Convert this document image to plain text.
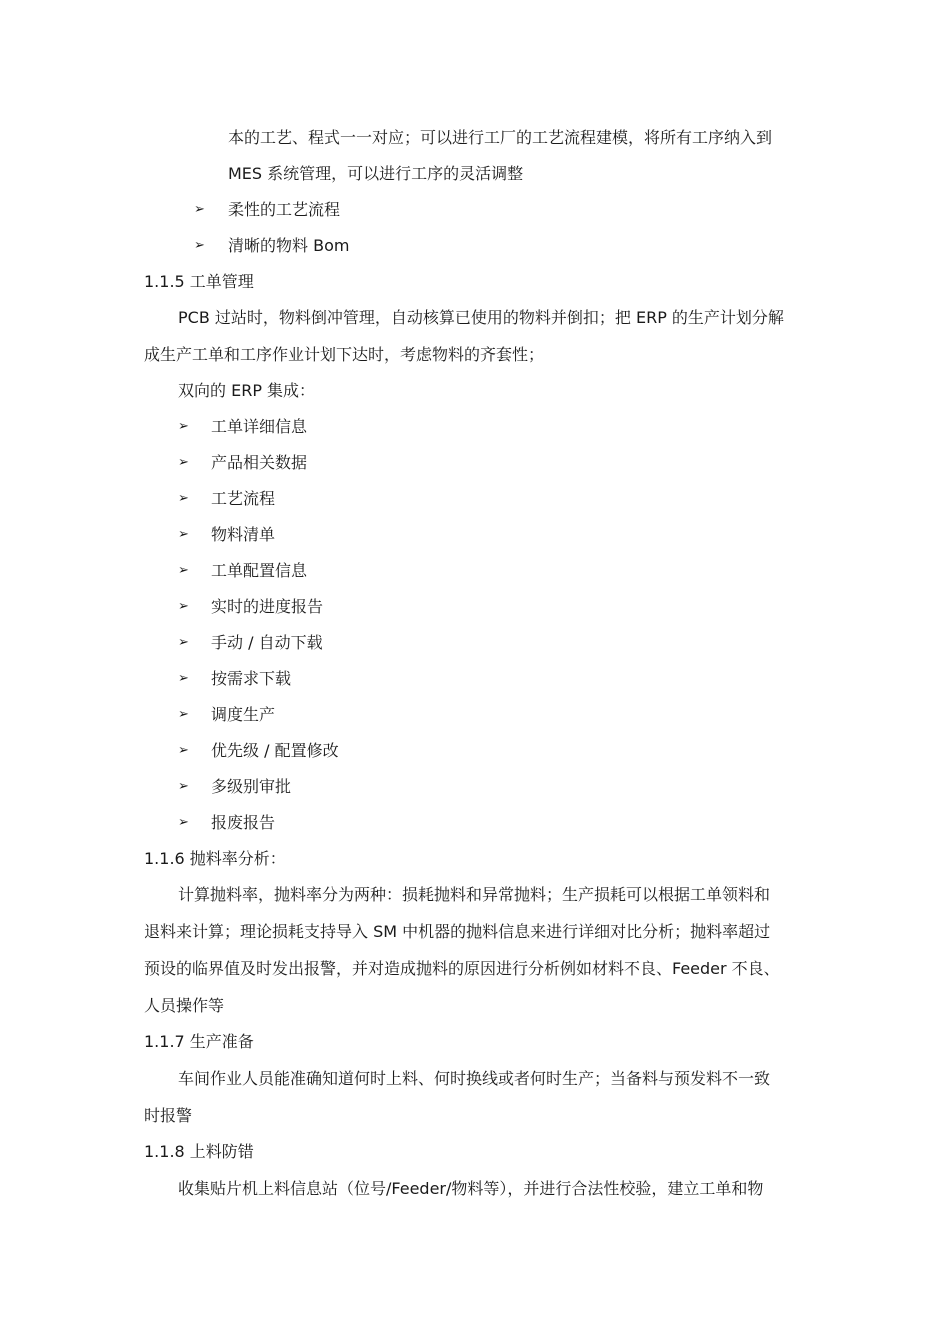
本的工艺、程式一一对应；可以进行工厂的工艺流程建模，将所有工序纳入到
MES 系统管理，可以进行工序的灵活调整
➢ 柔性的工艺流程
➢ 清晰的物料 Bom
1.1.5 工单管理
PCB 过站时，物料倒冲管理，自动核算已使用的物料并倒扣；把 ERP 的生产计划分解
成生产工单和工序作业计划下达时，考虑物料的齐套性；
双向的 ERP 集成：
➢ 工单详细信息
➢ 产品相关数据
➢ 工艺流程
➢ 物料清单
➢ 工单配置信息
➢ 实时的进度报告
➢ 手动 / 自动下载
➢ 按需求下载
➢ 调度生产
➢ 优先级 / 配置修改
➢ 多级别审批
➢ 报废报告
1.1.6 抛料率分析：
计算抛料率，抛料率分为两种：损耗抛料和异常抛料；生产损耗可以根据工单领料和
退料来计算；理论损耗支持导入 SM 中机器的抛料信息来进行详细对比分析；抛料率超过
预设的临界值及时发出报警，并对造成抛料的原因进行分析例如材料不良、Feeder 不良、
人员操作等
1.1.7 生产准备
车间作业人员能准确知道何时上料、何时换线或者何时生产；当备料与预发料不一致
时报警
1.1.8 上料防错
收集贴片机上料信息站（位号/Feeder/物料等），并进行合法性校验，建立工单和物
